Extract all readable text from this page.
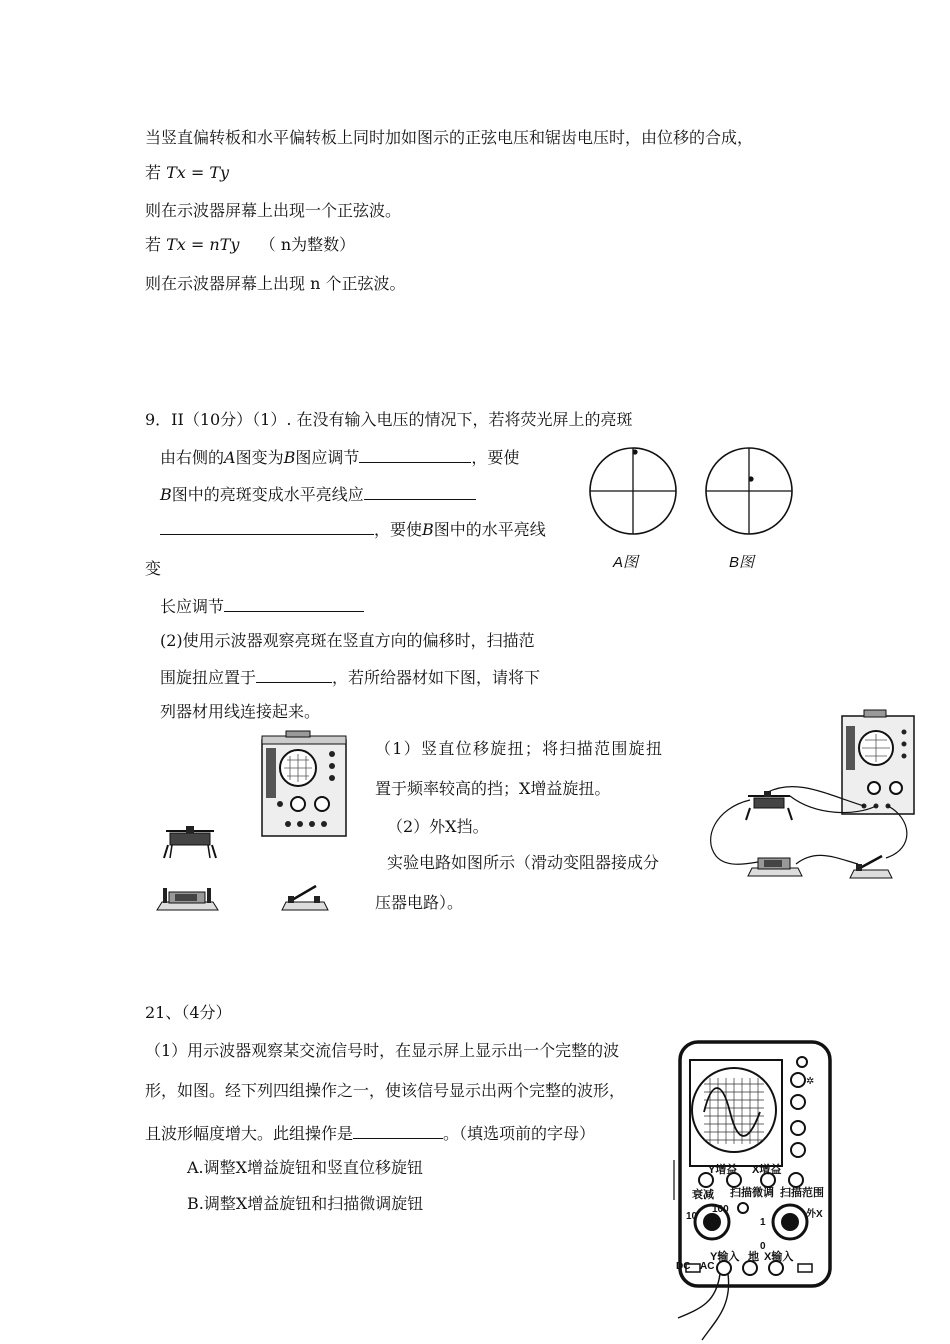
当竖直偏转板和水平偏转板上同时加如图示的正弦电压和锯齿电压时，由位移的合成，
若 Tx = Ty
则在示波器屏幕上出现一个正弦波。
若 Tx = nTy （ n为整数）
则在示波器屏幕上出现 n 个正弦波。
9．II（10分）（1）. 在没有输入电压的情况下，若将荧光屏上的亮斑
由右侧的A图变为B图应调节	，要使
B图中的亮斑变成水平亮线应
，要使B图中的水平亮线
变
长应调节
(2)使用示波器观察亮斑在竖直方向的偏移时，扫描范
围旋扭应置于	，若所给器材如下图，请将下
列器材用线连接起来。
A图	B图
（1）竖直位移旋扭；将扫描范围旋扭
置于频率较高的挡；X增益旋扭。
（2）外X挡。
实验电路如图所示（滑动变阻器接成分
压器电路）。
21、（4分）
（1）用示波器观察某交流信号时，在显示屏上显示出一个完整的波
形，如图。经下列四组操作之一，使该信号显示出两个完整的波形，
且波形幅度增大。此组操作是	。（填选项前的字母）
A.调整X增益旋钮和竖直位移旋钮
B.调整X增益旋钮和扫描微调旋钮
✲
Y增益 X增益
衰减 扫描微调 扫描范围
10
100	外X
1
0
Y输入 地 X输入
DC AC
